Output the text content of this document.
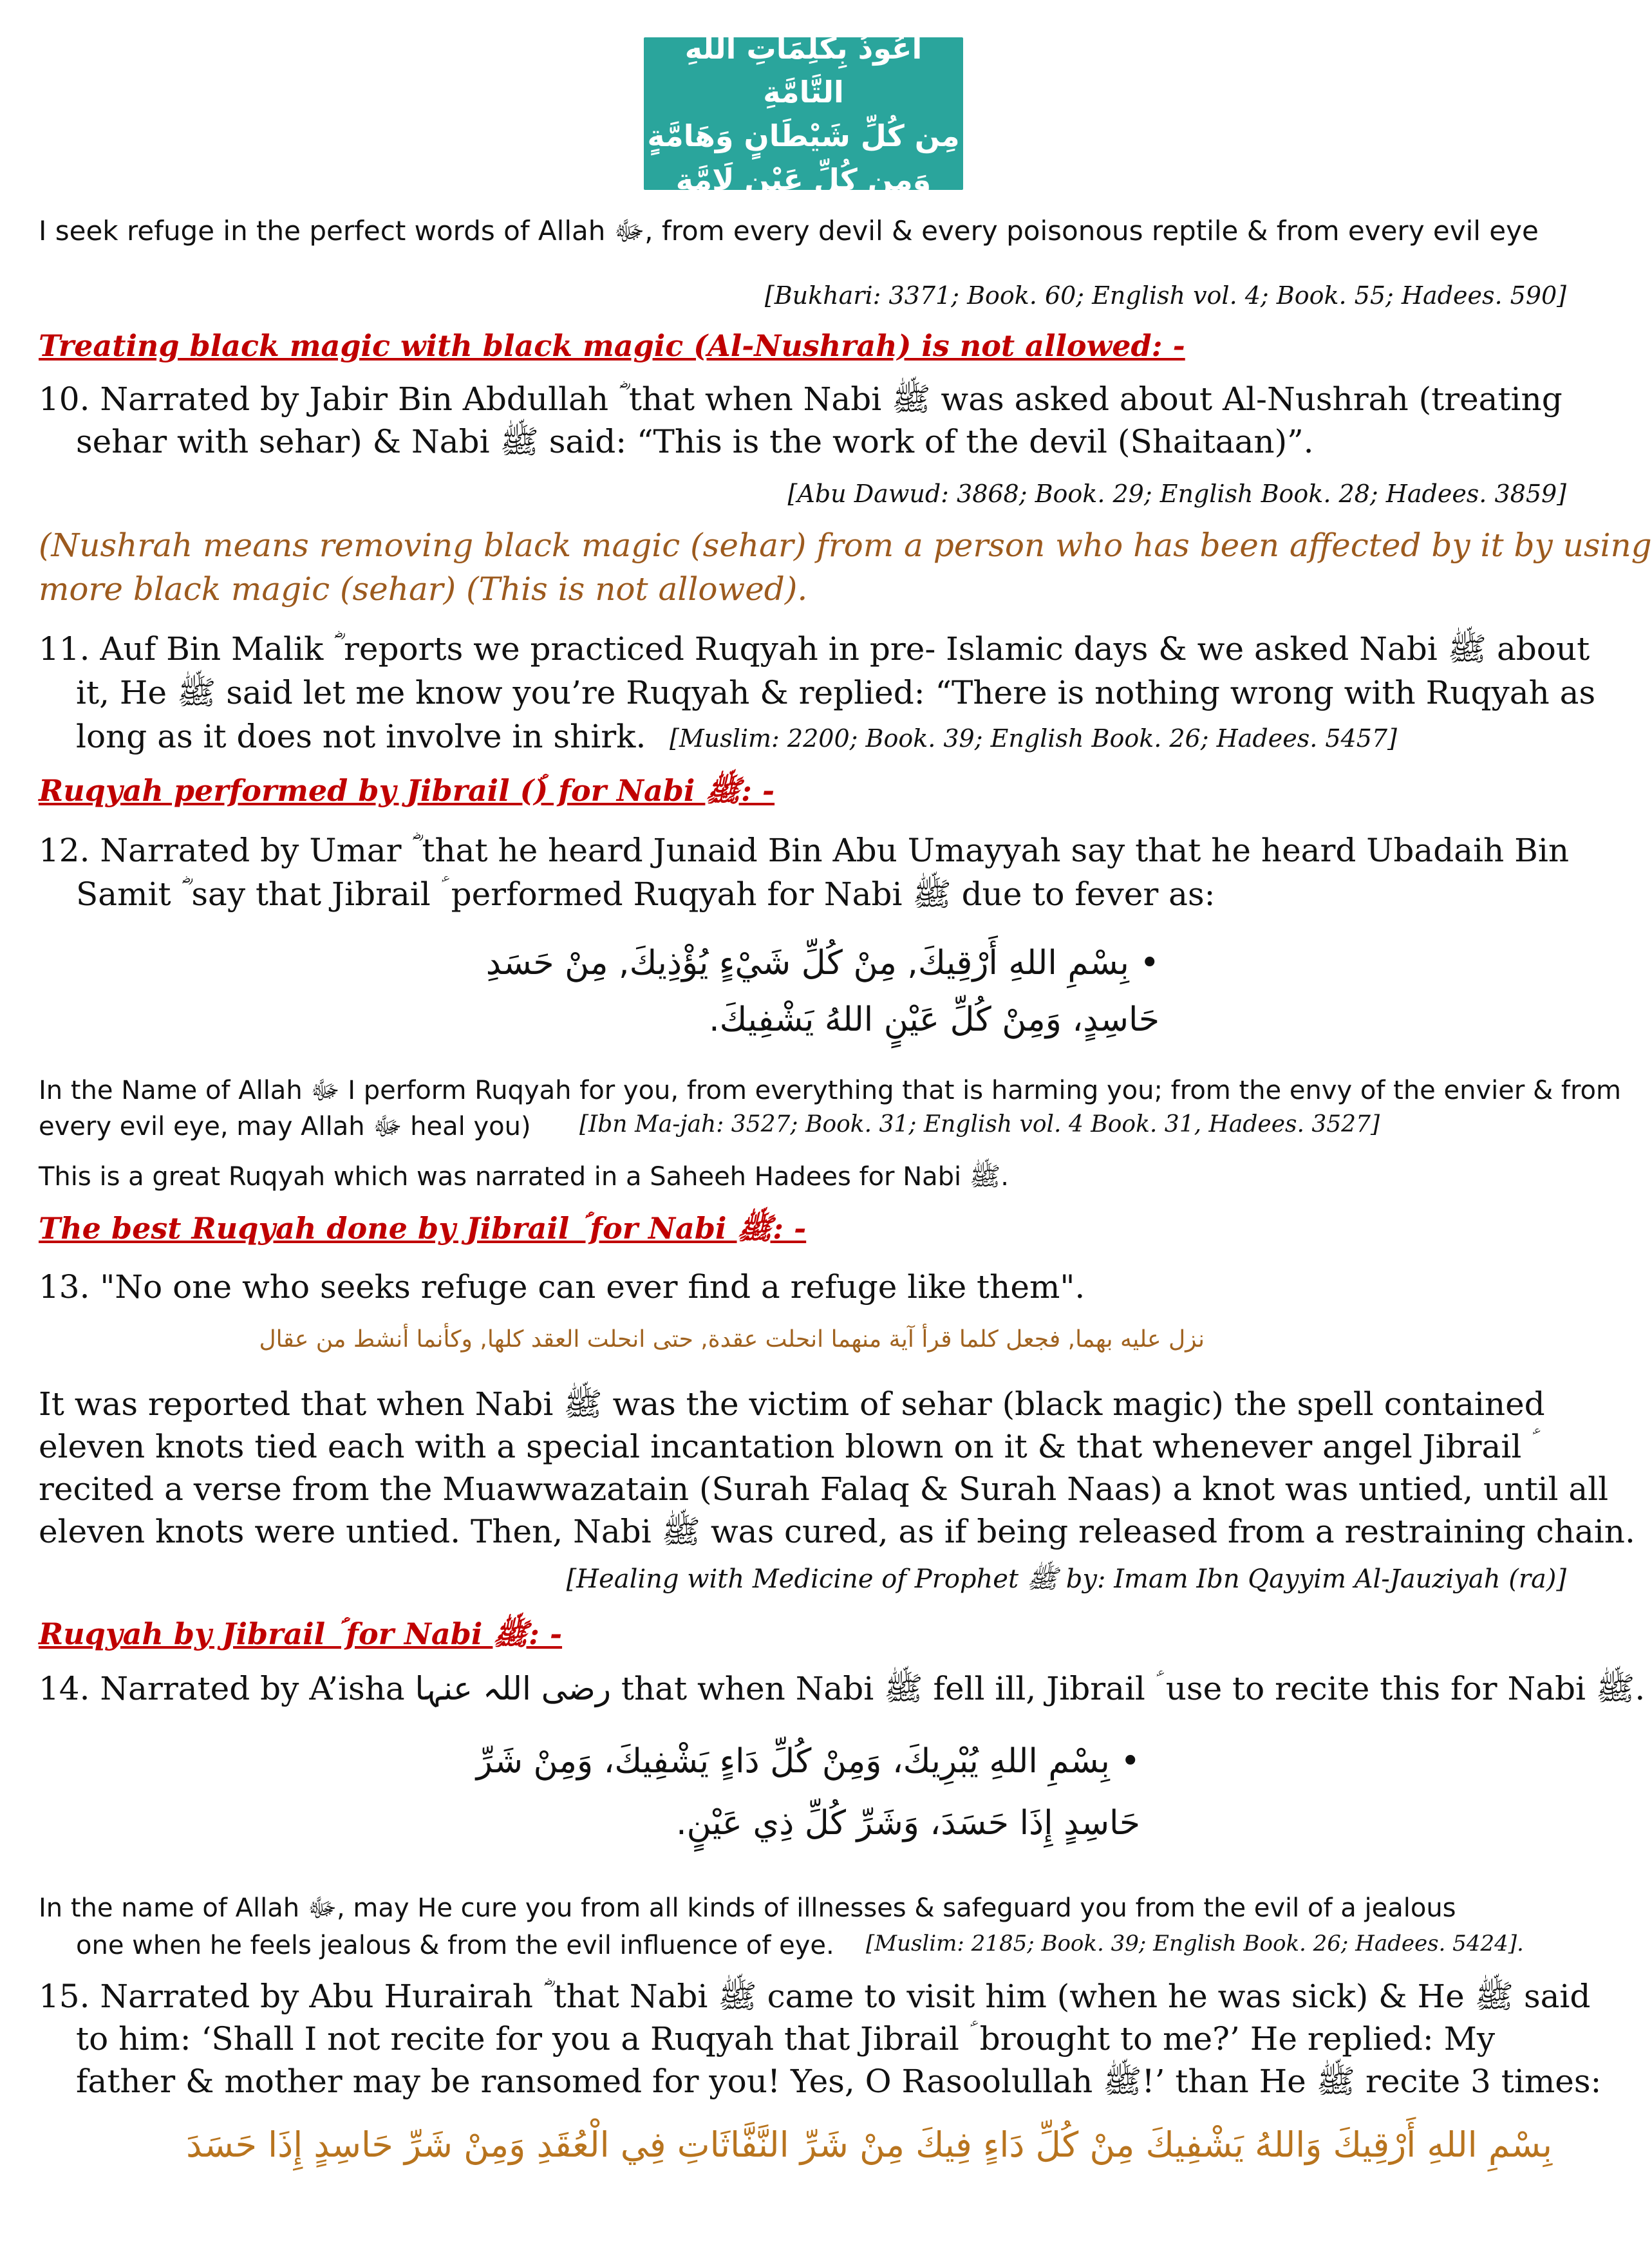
أَعُوذُ بِكَلِمَاتِ اللهِ التَّامَّةِ
مِن كُلِّ شَيْطَانٍ وَهَامَّةٍ
وَمِن كُلِّ عَيْنٍ لَامَّةٍ
I seek refuge in the perfect words of Allah ﷻ, from every devil & every poisonous reptile & from every evil eye
[Bukhari: 3371; Book. 60; English vol. 4; Book. 55; Hadees. 590]
Treating black magic with black magic (Al-Nushrah) is not allowed: -
10. Narrated by Jabir Bin Abdullah ؓ that when Nabi ﷺ was asked about Al-Nushrah (treating
sehar with sehar) & Nabi ﷺ said: “This is the work of the devil (Shaitaan)”.
[Abu Dawud: 3868; Book. 29; English Book. 28; Hadees. 3859]
(Nushrah means removing black magic (sehar) from a person who has been affected by it by using
more black magic (sehar) (This is not allowed).
11. Auf Bin Malik ؓ reports we practiced Ruqyah in pre- Islamic days & we asked Nabi ﷺ about
it, He ﷺ said let me know you’re Ruqyah & replied: “There is nothing wrong with Ruqyah as
long as it does not involve in shirk. [Muslim: 2200; Book. 39; English Book. 26; Hadees. 5457]
Ruqyah performed by Jibrail (ؑ) for Nabi ﷺ: -
12. Narrated by Umar ؓ that he heard Junaid Bin Abu Umayyah say that he heard Ubadaih Bin
Samit ؓ say that Jibrail ؑ performed Ruqyah for Nabi ﷺ due to fever as:
• بِسْمِ اللهِ أَرْقِيكَ, مِنْ كُلِّ شَيْءٍ يُؤْذِيكَ, مِنْ حَسَدِ
حَاسِدٍ، وَمِنْ كُلِّ عَيْنٍ اللهُ يَشْفِيكَ.
In the Name of Allah ﷻ I perform Ruqyah for you, from everything that is harming you; from the envy of the envier & from
every evil eye, may Allah ﷻ heal you) [Ibn Ma-jah: 3527; Book. 31; English vol. 4 Book. 31, Hadees. 3527]
This is a great Ruqyah which was narrated in a Saheeh Hadees for Nabi ﷺ.
The best Ruqyah done by Jibrail ؑ for Nabi ﷺ: -
13. "No one who seeks refuge can ever find a refuge like them".
نزل عليه بهما, فجعل كلما قرأ آية منهما انحلت عقدة, حتى انحلت العقد كلها, وكأنما أنشط من عقال
It was reported that when Nabi ﷺ was the victim of sehar (black magic) the spell contained
eleven knots tied each with a special incantation blown on it & that whenever angel Jibrail ؑ
recited a verse from the Muawwazatain (Surah Falaq & Surah Naas) a knot was untied, until all
eleven knots were untied. Then, Nabi ﷺ was cured, as if being released from a restraining chain.
[Healing with Medicine of Prophet ﷺ by: Imam Ibn Qayyim Al-Jauziyah (ra)]
Ruqyah by Jibrail ؑ for Nabi ﷺ: -
14. Narrated by A’isha رضی اللہ عنہا that when Nabi ﷺ fell ill, Jibrail ؑ use to recite this for Nabi ﷺ.
• بِسْمِ اللهِ يُبْرِيكَ، وَمِنْ كُلِّ دَاءٍ يَشْفِيكَ، وَمِنْ شَرِّ
حَاسِدٍ إِذَا حَسَدَ، وَشَرِّ كُلِّ ذِي عَيْنٍ.
In the name of Allah ﷻ, may He cure you from all kinds of illnesses & safeguard you from the evil of a jealous
one when he feels jealous & from the evil influence of eye. [Muslim: 2185; Book. 39; English Book. 26; Hadees. 5424].
15. Narrated by Abu Hurairah ؓ that Nabi ﷺ came to visit him (when he was sick) & He ﷺ said
to him: ‘Shall I not recite for you a Ruqyah that Jibrail ؑ brought to me?’ He replied: My
father & mother may be ransomed for you! Yes, O Rasoolullah ﷺ!’ than He ﷺ recite 3 times:
بِسْمِ اللهِ أَرْقِيكَ وَاللهُ يَشْفِيكَ مِنْ كُلِّ دَاءٍ فِيكَ مِنْ شَرِّ النَّفَّاثَاتِ فِي الْعُقَدِ وَمِنْ شَرِّ حَاسِدٍ إِذَا حَسَدَ
